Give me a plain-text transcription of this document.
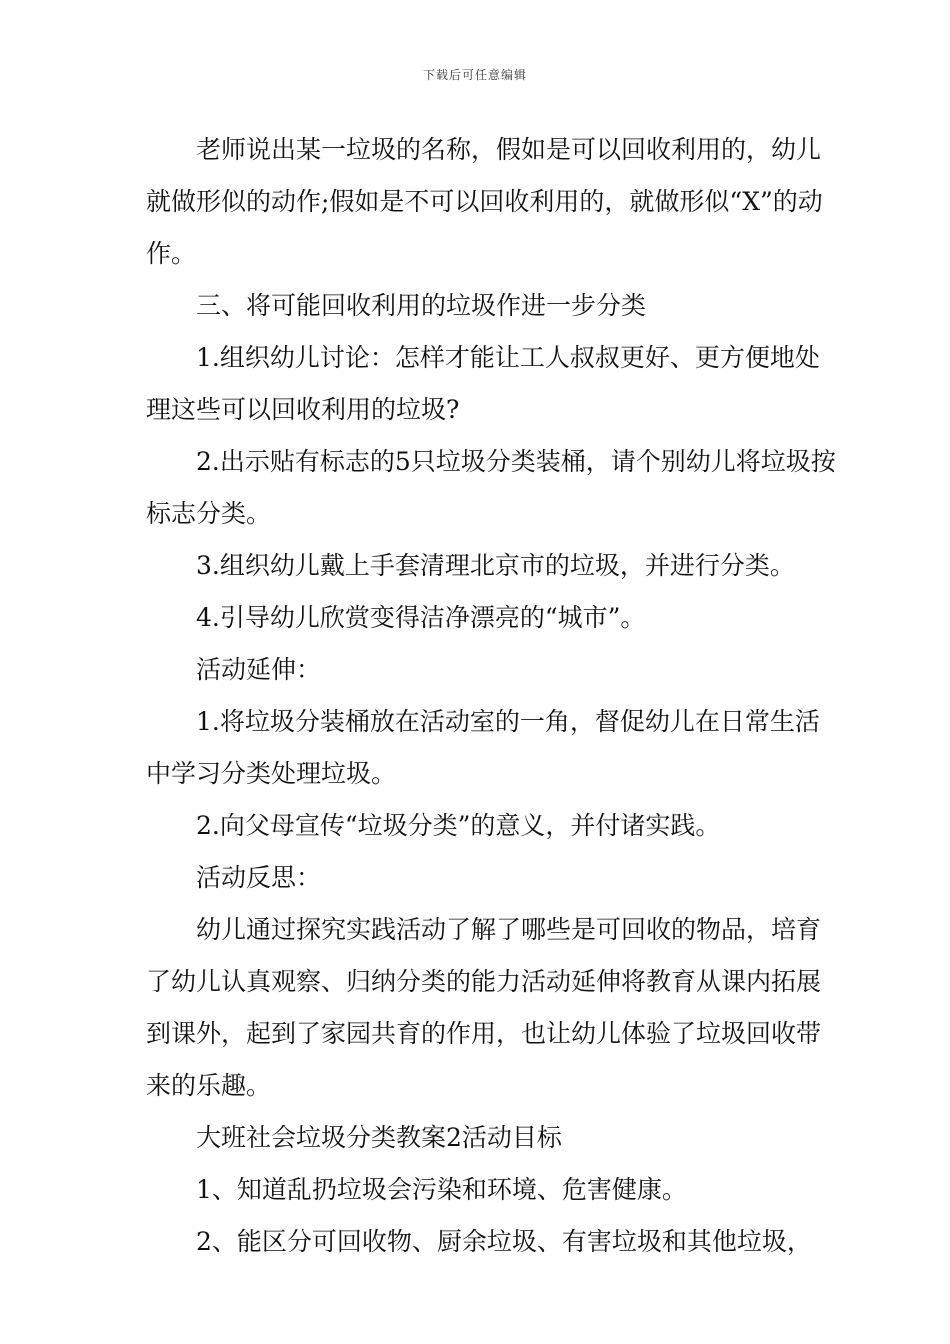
下载后可任意编辑

老师说出某一垃圾的名称，假如是可以回收利用的，幼儿就做形似的动作;假如是不可以回收利用的，就做形似“X”的动作。

三、将可能回收利用的垃圾作进一步分类

1.组织幼儿讨论：怎样才能让工人叔叔更好、更方便地处理这些可以回收利用的垃圾?

2.出示贴有标志的5只垃圾分类装桶，请个别幼儿将垃圾按标志分类。

3.组织幼儿戴上手套清理北京市的垃圾，并进行分类。

4.引导幼儿欣赏变得洁净漂亮的“城市”。

活动延伸：

1.将垃圾分装桶放在活动室的一角，督促幼儿在日常生活中学习分类处理垃圾。

2.向父母宣传“垃圾分类”的意义，并付诸实践。

活动反思：

幼儿通过探究实践活动了解了哪些是可回收的物品，培育了幼儿认真观察、归纳分类的能力活动延伸将教育从课内拓展到课外，起到了家园共育的作用，也让幼儿体验了垃圾回收带来的乐趣。

大班社会垃圾分类教案2活动目标

1、知道乱扔垃圾会污染和环境、危害健康。

2、能区分可回收物、厨余垃圾、有害垃圾和其他垃圾，
